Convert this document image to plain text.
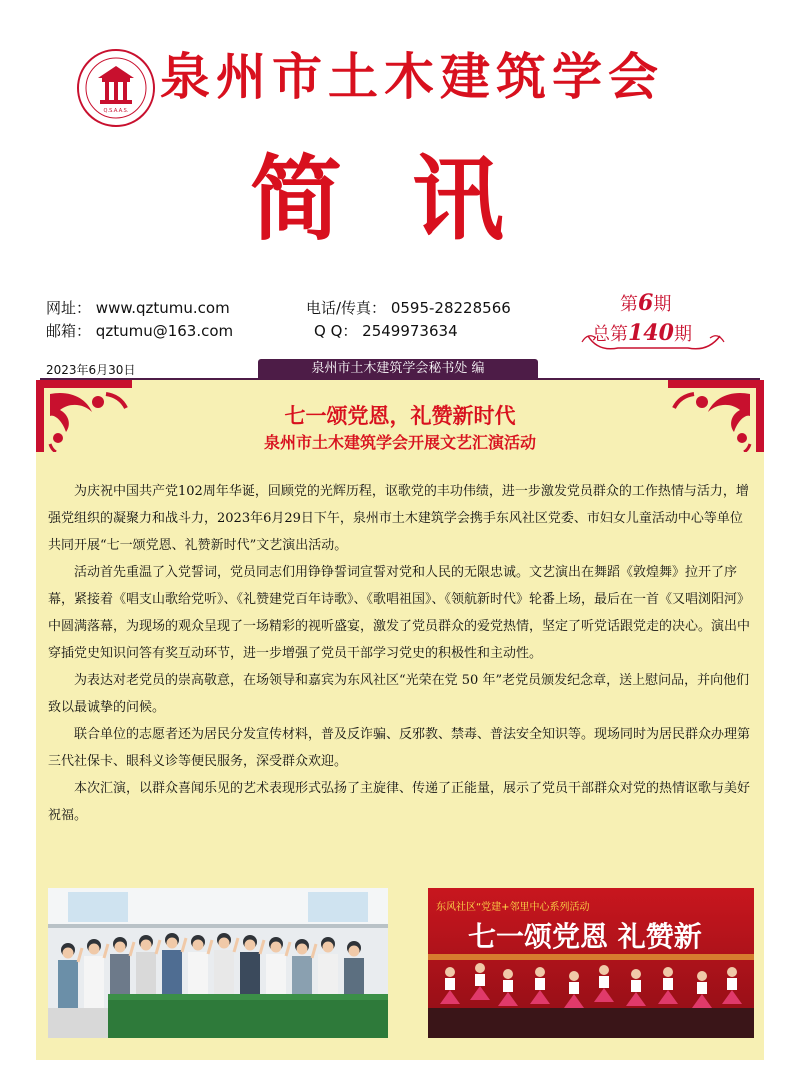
Q.S.A.A.S.
泉州市土木建筑学会
简讯
网址： www.qztumu.com
邮箱： qztumu@163.com
电话/传真： 0595-28228566
Q Q： 2549973634
第6期
总第140期
2023年6月30日	泉州市土木建筑学会秘书处 编
七一颂党恩，礼赞新时代
泉州市土木建筑学会开展文艺汇演活动

为庆祝中国共产党102周年华诞，回顾党的光辉历程，讴歌党的丰功伟绩，进一步激发党员群众的工作热情与活力，增强党组织的凝聚力和战斗力，2023年6月29日下午，泉州市土木建筑学会携手东风社区党委、市妇女儿童活动中心等单位共同开展“七一颂党恩、礼赞新时代”文艺演出活动。

活动首先重温了入党誓词，党员同志们用铮铮誓词宣誓对党和人民的无限忠诚。文艺演出在舞蹈《敦煌舞》拉开了序幕，紧接着《唱支山歌给党听》、《礼赞建党百年诗歌》、《歌唱祖国》、《领航新时代》轮番上场，最后在一首《又唱浏阳河》中圆满落幕，为现场的观众呈现了一场精彩的视听盛宴，激发了党员群众的爱党热情，坚定了听党话跟党走的决心。演出中穿插党史知识问答有奖互动环节，进一步增强了党员干部学习党史的积极性和主动性。

为表达对老党员的崇高敬意，在场领导和嘉宾为东风社区“光荣在党 50 年”老党员颁发纪念章，送上慰问品，并向他们致以最诚挚的问候。

联合单位的志愿者还为居民分发宣传材料，普及反诈骗、反邪教、禁毒、普法安全知识等。现场同时为居民群众办理第三代社保卡、眼科义诊等便民服务，深受群众欢迎。

本次汇演，以群众喜闻乐见的艺术表现形式弘扬了主旋律、传递了正能量，展示了党员干部群众对党的热情讴歌与美好祝福。

东风社区“党建+邻里中心系列活动
七一颂党恩 礼赞新
